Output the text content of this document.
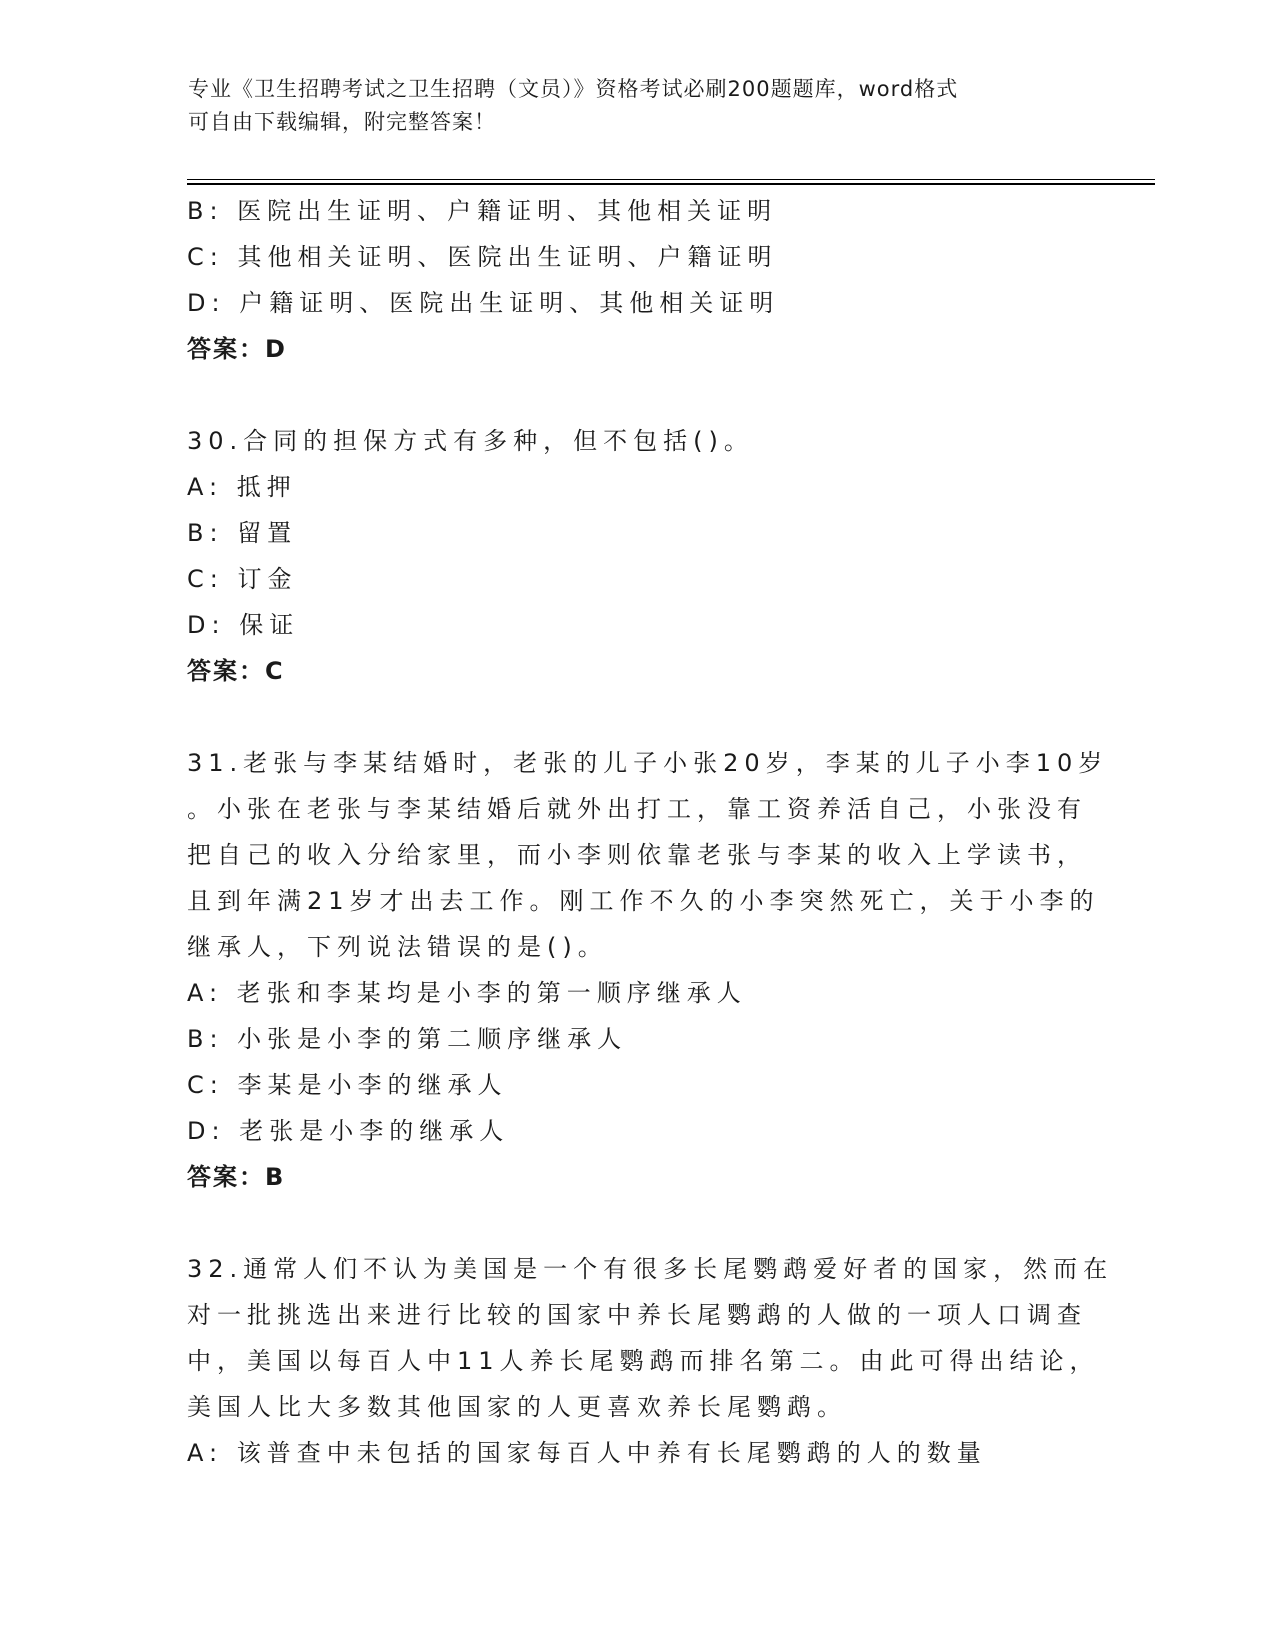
专业《卫生招聘考试之卫生招聘（文员）》资格考试必刷200题题库，word格式
可自由下载编辑，附完整答案！
B: 医院出生证明、户籍证明、其他相关证明
C: 其他相关证明、医院出生证明、户籍证明
D: 户籍证明、医院出生证明、其他相关证明
答案：D
30.合同的担保方式有多种，但不包括()。
A: 抵押
B: 留置
C: 订金
D: 保证
答案：C
31.老张与李某结婚时，老张的儿子小张20岁，李某的儿子小李10岁
。小张在老张与李某结婚后就外出打工，靠工资养活自己，小张没有
把自己的收入分给家里，而小李则依靠老张与李某的收入上学读书，
且到年满21岁才出去工作。刚工作不久的小李突然死亡，关于小李的
继承人，下列说法错误的是()。
A: 老张和李某均是小李的第一顺序继承人
B: 小张是小李的第二顺序继承人
C: 李某是小李的继承人
D: 老张是小李的继承人
答案：B
32.通常人们不认为美国是一个有很多长尾鹦鹉爱好者的国家，然而在
对一批挑选出来进行比较的国家中养长尾鹦鹉的人做的一项人口调查
中，美国以每百人中11人养长尾鹦鹉而排名第二。由此可得出结论，
美国人比大多数其他国家的人更喜欢养长尾鹦鹉。
A: 该普查中未包括的国家每百人中养有长尾鹦鹉的人的数量
